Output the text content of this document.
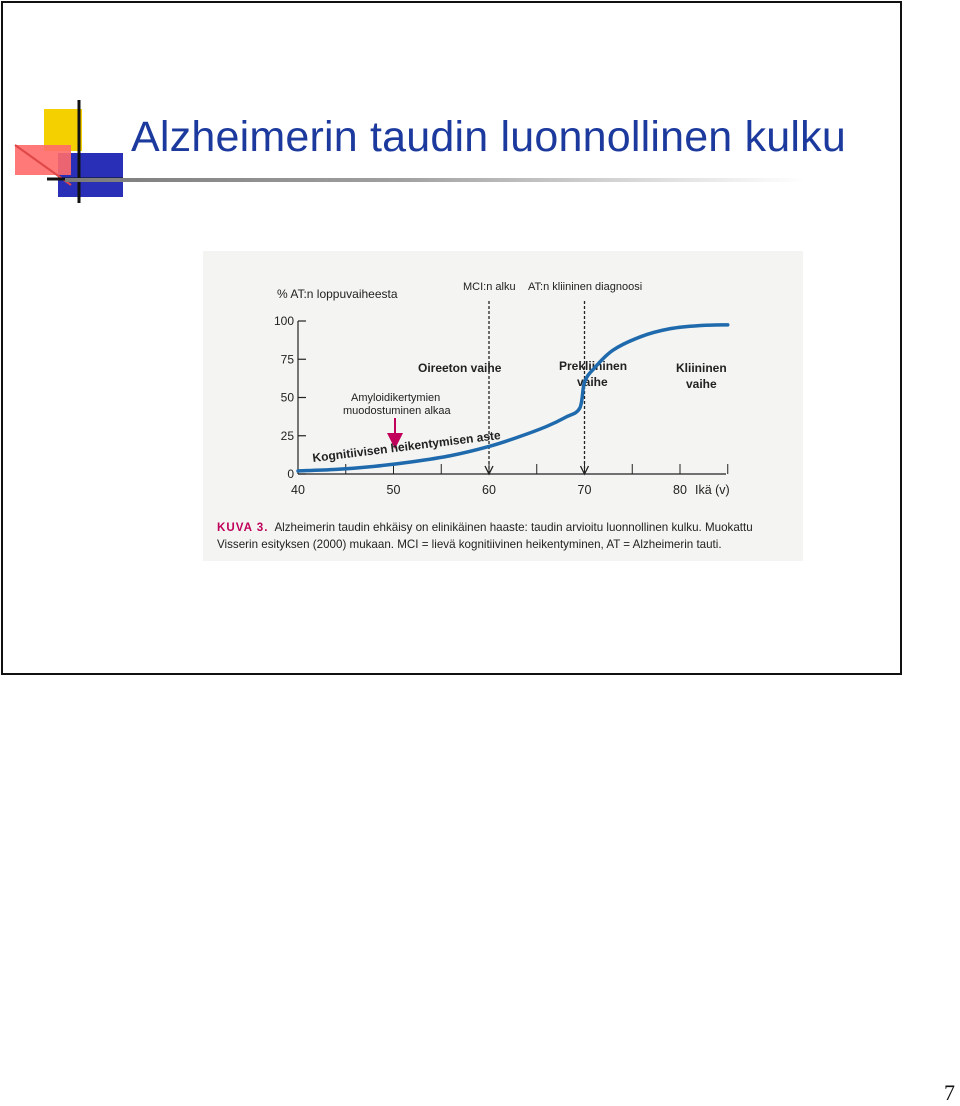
Alzheimerin taudin luonnollinen kulku
% AT:n loppuvaiheesta	MCI:n alku AT:n kliininen diagnoosi
0
25
50
75
100
40	50	60	70	80 Ikä (v)
Oireeton vaihe	Prekliininen
vaihe
Kliininen
vaihe
Amyloidikertymien
muodostuminen alkaa
Kognitiivisen heikentymisen aste
KUVA 3. Alzheimerin taudin ehkäisy on elinikäinen haaste: taudin arvioitu luonnollinen kulku. Muokattu Visserin esityksen (2000) mukaan. MCI = lievä kognitiivinen heikentyminen, AT = Alzheimerin tauti.
7
